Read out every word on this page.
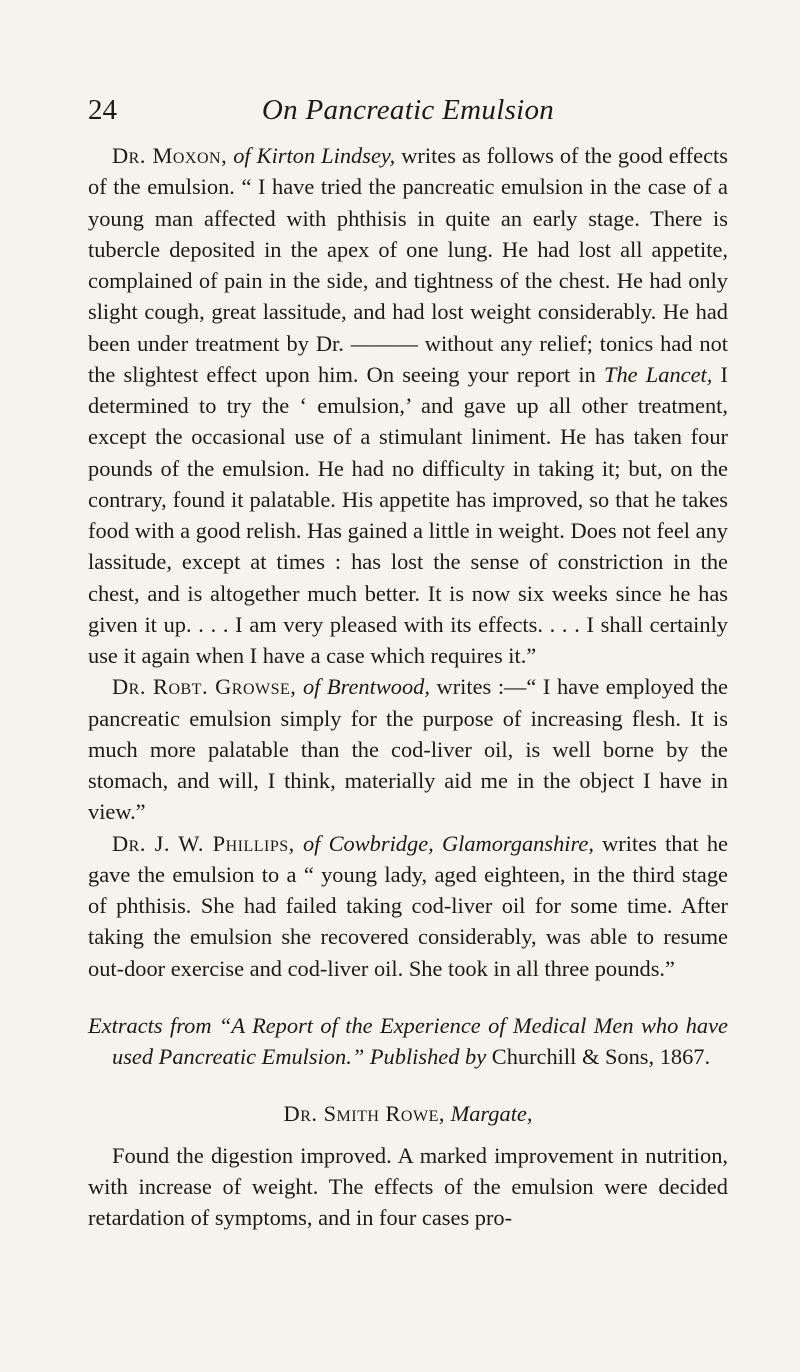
24	On Pancreatic Emulsion

Dr. Moxon, of Kirton Lindsey, writes as follows of the good effects of the emulsion. “ I have tried the pancreatic emulsion in the case of a young man affected with phthisis in quite an early stage. There is tubercle deposited in the apex of one lung. He had lost all appetite, complained of pain in the side, and tightness of the chest. He had only slight cough, great lassitude, and had lost weight considerably. He had been under treatment by Dr. ——— without any relief; tonics had not the slightest effect upon him. On seeing your report in The Lancet, I determined to try the ‘ emulsion,’ and gave up all other treatment, except the occasional use of a stimulant liniment. He has taken four pounds of the emulsion. He had no difficulty in taking it; but, on the contrary, found it palatable. His appetite has improved, so that he takes food with a good relish. Has gained a little in weight. Does not feel any lassitude, except at times : has lost the sense of constriction in the chest, and is altogether much better. It is now six weeks since he has given it up. . . . I am very pleased with its effects. . . . I shall certainly use it again when I have a case which requires it.”

Dr. Robt. Growse, of Brentwood, writes :—“ I have employed the pancreatic emulsion simply for the purpose of increasing flesh. It is much more palatable than the cod-liver oil, is well borne by the stomach, and will, I think, materially aid me in the object I have in view.”

Dr. J. W. Phillips, of Cowbridge, Glamorganshire, writes that he gave the emulsion to a “ young lady, aged eighteen, in the third stage of phthisis. She had failed taking cod-liver oil for some time. After taking the emulsion she recovered considerably, was able to resume out-door exercise and cod-liver oil. She took in all three pounds.”

Extracts from “A Report of the Experience of Medical Men who have used Pancreatic Emulsion.” Published by Churchill & Sons, 1867.

Dr. Smith Rowe, Margate,

Found the digestion improved. A marked improvement in nutrition, with increase of weight. The effects of the emulsion were decided retardation of symptoms, and in four cases pro-
